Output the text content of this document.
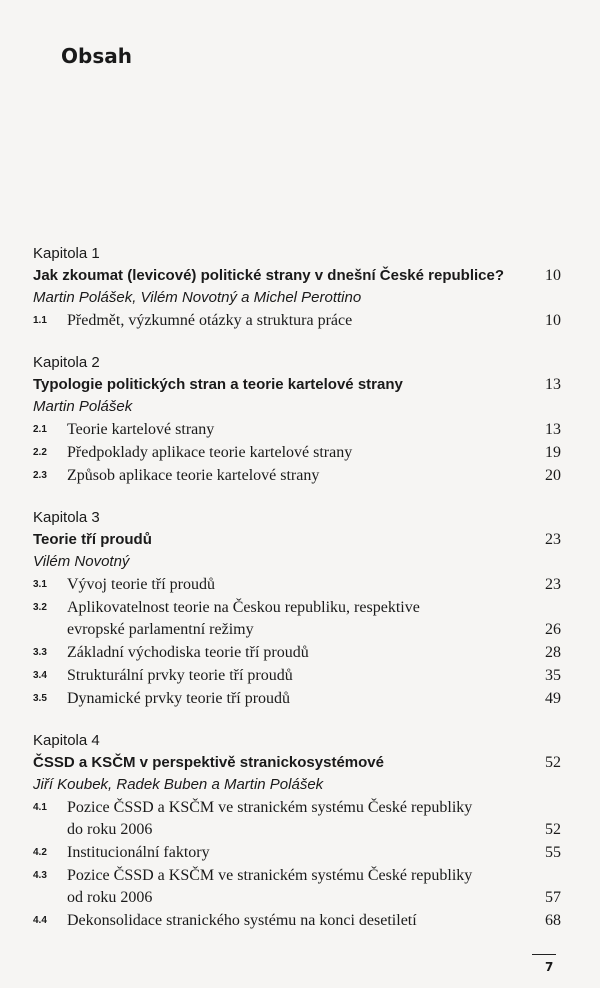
Obsah
Kapitola 1
Jak zkoumat (levicové) politické strany v dnešní České republice?	10
Martin Polášek, Vilém Novotný a Michel Perottino
1.1	Předmět, výzkumné otázky a struktura práce	10
Kapitola 2
Typologie politických stran a teorie kartelové strany	13
Martin Polášek
2.1	Teorie kartelové strany	13
2.2	Předpoklady aplikace teorie kartelové strany	19
2.3	Způsob aplikace teorie kartelové strany	20
Kapitola 3
Teorie tří proudů	23
Vilém Novotný
3.1	Vývoj teorie tří proudů	23
3.2	Aplikovatelnost teorie na Českou republiku, respektive evropské parlamentní režimy	26
3.3	Základní východiska teorie tří proudů	28
3.4	Strukturální prvky teorie tří proudů	35
3.5	Dynamické prvky teorie tří proudů	49
Kapitola 4
ČSSD a KSČM v perspektivě stranickosystémové	52
Jiří Koubek, Radek Buben a Martin Polášek
4.1	Pozice ČSSD a KSČM ve stranickém systému České republiky do roku 2006	52
4.2	Institucionální faktory	55
4.3	Pozice ČSSD a KSČM ve stranickém systému České republiky od roku 2006	57
4.4	Dekonsolidace stranického systému na konci desetiletí	68
7
